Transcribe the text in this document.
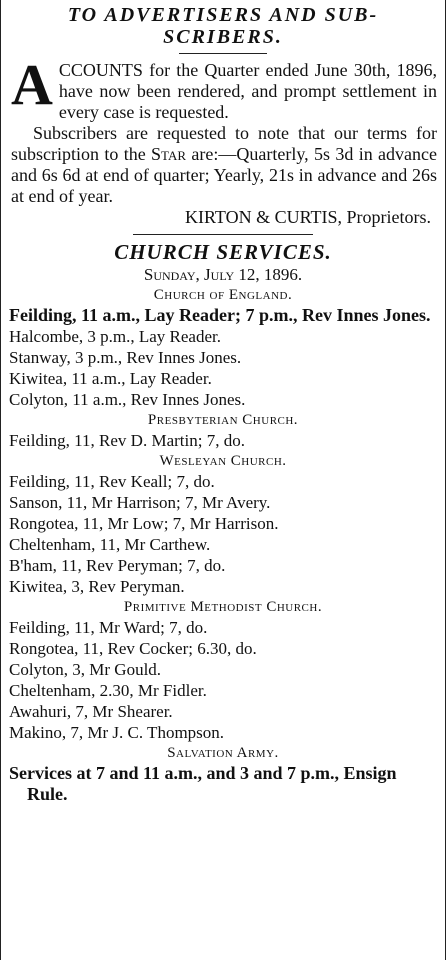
TO ADVERTISERS AND SUB-
SCRIBERS.

ACCOUNTS for the Quarter ended June 30th, 1896, have now been rendered, and prompt settlement in every case is requested.

Subscribers are requested to note that our terms for subscription to the Star are:—Quarterly, 5s 3d in advance and 6s 6d at end of quarter; Yearly, 21s in advance and 26s at end of year.

KIRTON & CURTIS, Proprietors.

CHURCH SERVICES.

Sunday, July 12, 1896.

Church of England.

Feilding, 11 a.m., Lay Reader; 7 p.m., Rev Innes Jones.

Halcombe, 3 p.m., Lay Reader.

Stanway, 3 p.m., Rev Innes Jones.

Kiwitea, 11 a.m., Lay Reader.

Colyton, 11 a.m., Rev Innes Jones.

Presbyterian Church.

Feilding, 11, Rev D. Martin; 7, do.

Wesleyan Church.

Feilding, 11, Rev Keall; 7, do.

Sanson, 11, Mr Harrison; 7, Mr Avery.

Rongotea, 11, Mr Low; 7, Mr Harrison.

Cheltenham, 11, Mr Carthew.

B'ham, 11, Rev Peryman; 7, do.

Kiwitea, 3, Rev Peryman.

Primitive Methodist Church.

Feilding, 11, Mr Ward; 7, do.

Rongotea, 11, Rev Cocker; 6.30, do.

Colyton, 3, Mr Gould.

Cheltenham, 2.30, Mr Fidler.

Awahuri, 7, Mr Shearer.

Makino, 7, Mr J. C. Thompson.

Salvation Army.

Services at 7 and 11 a.m., and 3 and 7 p.m., Ensign Rule.
